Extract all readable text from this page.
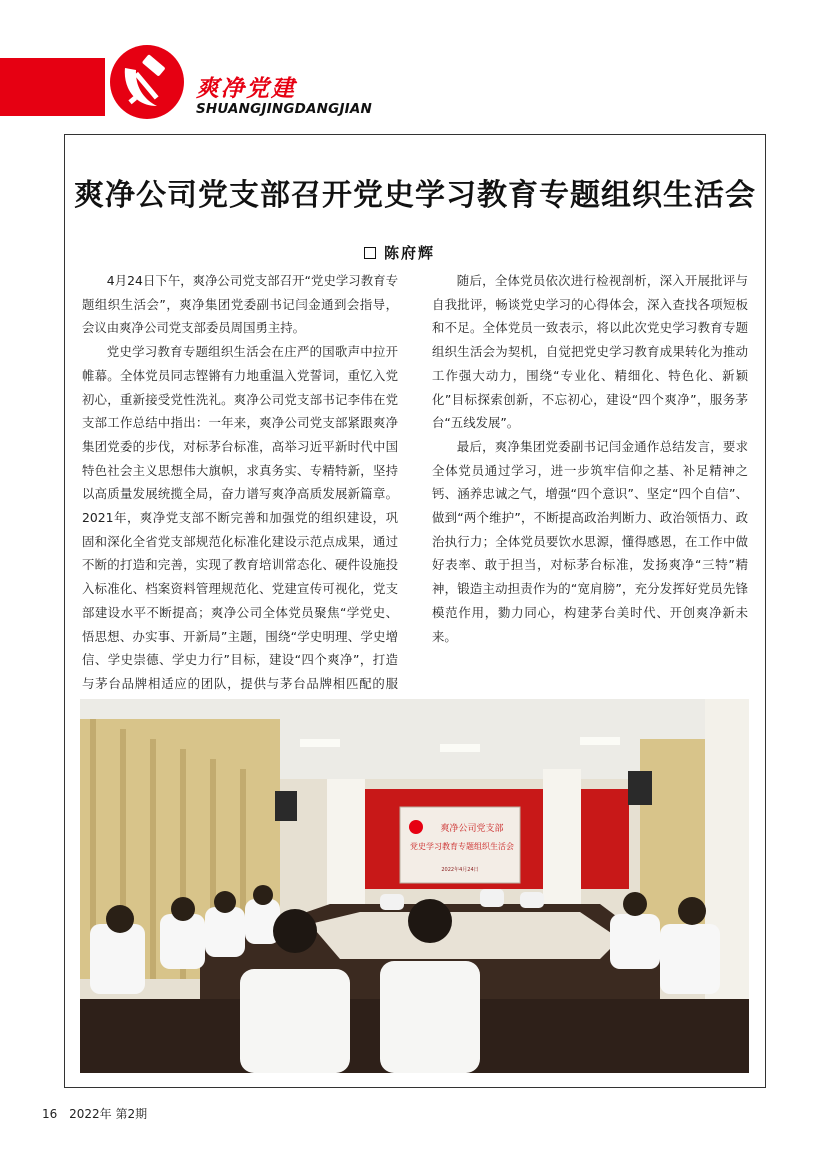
爽净党建
SHUANGJINGDANGJIAN
爽净公司党支部召开党史学习教育专题组织生活会
陈府辉

4月24日下午，爽净公司党支部召开“党史学习教育专题组织生活会”，爽净集团党委副书记闫金通到会指导，会议由爽净公司党支部委员周国勇主持。

党史学习教育专题组织生活会在庄严的国歌声中拉开帷幕。全体党员同志铿锵有力地重温入党誓词，重忆入党初心，重新接受党性洗礼。爽净公司党支部书记李伟在党支部工作总结中指出：一年来，爽净公司党支部紧跟爽净集团党委的步伐，对标茅台标准，高举习近平新时代中国特色社会主义思想伟大旗帜，求真务实、专精特新，坚持以高质量发展统揽全局，奋力谱写爽净高质发展新篇章。2021年，爽净党支部不断完善和加强党的组织建设，巩固和深化全省党支部规范化标准化建设示范点成果，通过不断的打造和完善，实现了教育培训常态化、硬件设施投入标准化、档案资料管理规范化、党建宣传可视化，党支部建设水平不断提高；爽净公司全体党员聚焦“学党史、悟思想、办实事、开新局”主题，围绕“学史明理、学史增信、学史崇德、学史力行”目标，建设“四个爽净”，打造与茅台品牌相适应的团队，提供与茅台品牌相匹配的服

随后，全体党员依次进行检视剖析，深入开展批评与自我批评，畅谈党史学习的心得体会，深入查找各项短板和不足。全体党员一致表示，将以此次党史学习教育专题组织生活会为契机，自觉把党史学习教育成果转化为推动工作强大动力，围绕“专业化、精细化、特色化、新颖化”目标探索创新，不忘初心，建设“四个爽净”，服务茅台“五线发展”。

最后，爽净集团党委副书记闫金通作总结发言，要求全体党员通过学习，进一步筑牢信仰之基、补足精神之钙、涵养忠诚之气，增强“四个意识”、坚定“四个自信”、做到“两个维护”，不断提高政治判断力、政治领悟力、政治执行力；全体党员要饮水思源，懂得感恩，在工作中做好表率、敢于担当，对标茅台标准，发扬爽净“三特”精神，锻造主动担责作为的“宽肩膀”，充分发挥好党员先锋模范作用，勠力同心，构建茅台美时代、开创爽净新未来。

爽净公司党支部
党史学习教育专题组织生活会
2022年4月24日
16 2022年 第2期
